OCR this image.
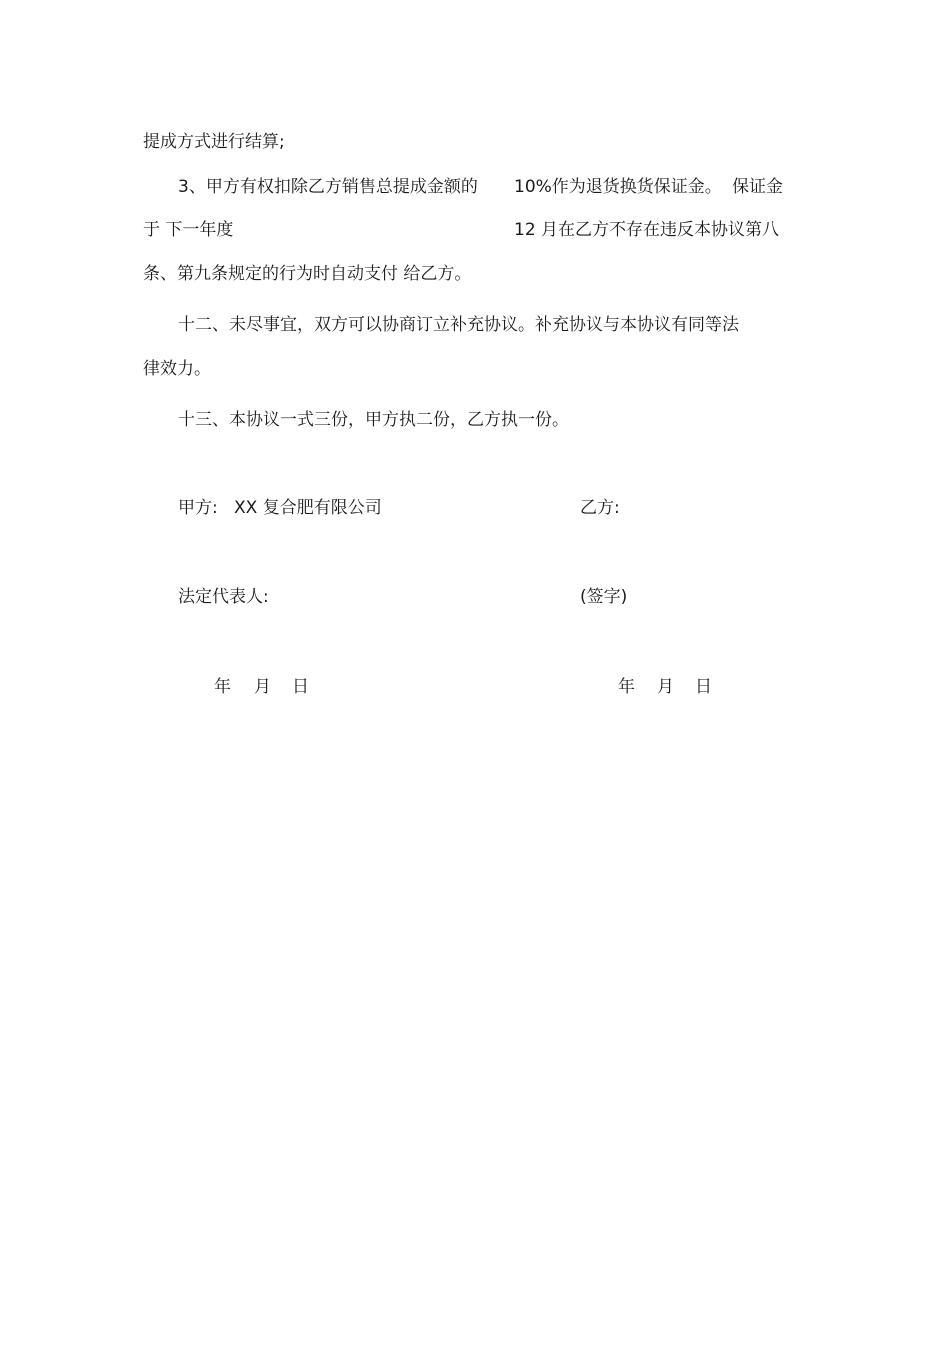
提成方式进行结算;
3、甲方有权扣除乙方销售总提成金额的 10%作为退货换货保证金。 保证金
于 下一年度	12 月在乙方不存在违反本协议第八
条、第九条规定的行为时自动支付 给乙方。
十二、未尽事宜，双方可以协商订立补充协议。补充协议与本协议有同等法
律效力。
十三、本协议一式三份，甲方执二份，乙方执一份。
甲方: XX 复合肥有限公司	乙方:
法定代表人:	(签字)
年 月 日	年 月 日
